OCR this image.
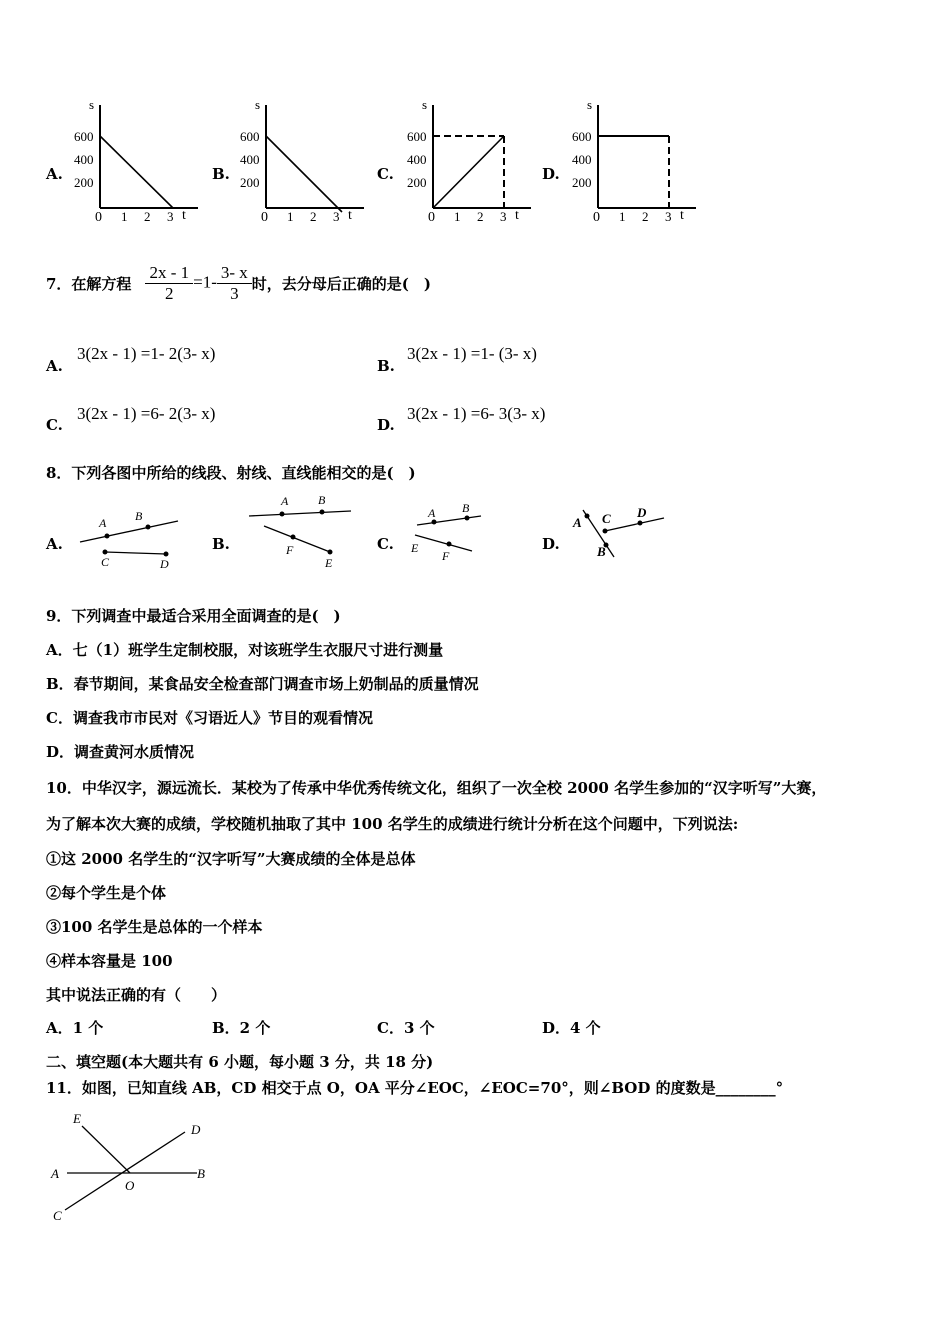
A.
s
t
600
400
200
0 1 2 3
B.
s
t
600
400
200
0 1 2 3
C.
s
t
600
400
200
0 1 2 3
D.
s
t
600
400
200
0 1 2 3
7．在解方程 $\frac{2x - 1}{2} =1- \frac{3- x}{3}$ 时，去分母后正确的是(　)
A.
3(2x - 1) =1- 2(3- x)
B.
3(2x - 1) =1- (3- x)
C.
3(2x - 1) =6- 2(3- x)
D.
3(2x - 1) =6- 3(3- x)
8．下列各图中所给的线段、射线、直线能相交的是(　)
A.
A B
C	D
B.
A B
F
E
C.
A B
E
F
D.
A C D
B
9．下列调查中最适合采用全面调查的是(　)
A．七（1）班学生定制校服，对该班学生衣服尺寸进行测量
B．春节期间，某食品安全检查部门调查市场上奶制品的质量情况
C．调查我市市民对《习语近人》节目的观看情况
D．调查黄河水质情况
10．中华汉字，源远流长．某校为了传承中华优秀传统文化，组织了一次全校 2000 名学生参加的“汉字听写”大赛，
为了解本次大赛的成绩，学校随机抽取了其中 100 名学生的成绩进行统计分析在这个问题中，下列说法:
①这 2000 名学生的“汉字听写”大赛成绩的全体是总体
②每个学生是个体
③100 名学生是总体的一个样本
④样本容量是 100
其中说法正确的有（　　）
A．1 个	B．2 个	C．3 个	D．4 个
二、填空题(本大题共有 6 小题，每小题 3 分，共 18 分)
11．如图，已知直线 AB，CD 相交于点 O，OA 平分∠EOC，∠EOC=70°，则∠BOD 的度数是________°
E
D
A
O
B
C
